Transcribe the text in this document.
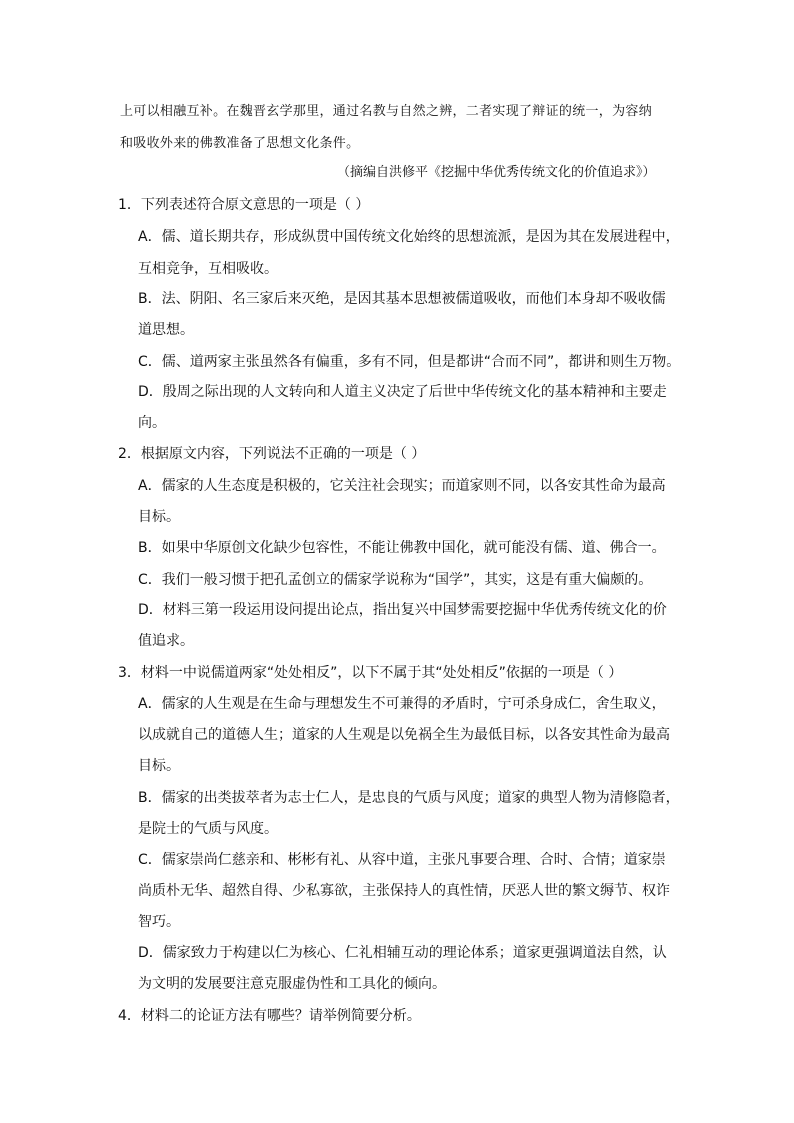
上可以相融互补。在魏晋玄学那里，通过名教与自然之辨，二者实现了辩证的统一，为容纳
和吸收外来的佛教准备了思想文化条件。
（摘编自洪修平《挖掘中华优秀传统文化的价值追求》）
1．下列表述符合原文意思的一项是（ ）
A．儒、道长期共存，形成纵贯中国传统文化始终的思想流派，是因为其在发展进程中，
互相竞争，互相吸收。
B．法、阴阳、名三家后来灭绝，是因其基本思想被儒道吸收，而他们本身却不吸收儒
道思想。
C．儒、道两家主张虽然各有偏重，多有不同，但是都讲“合而不同”，都讲和则生万物。
D．殷周之际出现的人文转向和人道主义决定了后世中华传统文化的基本精神和主要走
向。
2．根据原文内容，下列说法不正确的一项是（ ）
A．儒家的人生态度是积极的，它关注社会现实；而道家则不同，以各安其性命为最高
目标。
B．如果中华原创文化缺少包容性，不能让佛教中国化，就可能没有儒、道、佛合一。
C．我们一般习惯于把孔孟创立的儒家学说称为“国学”，其实，这是有重大偏颇的。
D．材料三第一段运用设问提出论点，指出复兴中国梦需要挖掘中华优秀传统文化的价
值追求。
3．材料一中说儒道两家“处处相反”，以下不属于其“处处相反”依据的一项是（ ）
A．儒家的人生观是在生命与理想发生不可兼得的矛盾时，宁可杀身成仁，舍生取义，
以成就自己的道德人生；道家的人生观是以免祸全生为最低目标，以各安其性命为最高
目标。
B．儒家的出类拔萃者为志士仁人，是忠良的气质与风度；道家的典型人物为清修隐者，
是院士的气质与风度。
C．儒家崇尚仁慈亲和、彬彬有礼、从容中道，主张凡事要合理、合时、合情；道家崇
尚质朴无华、超然自得、少私寡欲，主张保持人的真性情，厌恶人世的繁文缛节、权诈
智巧。
D．儒家致力于构建以仁为核心、仁礼相辅互动的理论体系；道家更强调道法自然，认
为文明的发展要注意克服虚伪性和工具化的倾向。
4．材料二的论证方法有哪些？请举例简要分析。
